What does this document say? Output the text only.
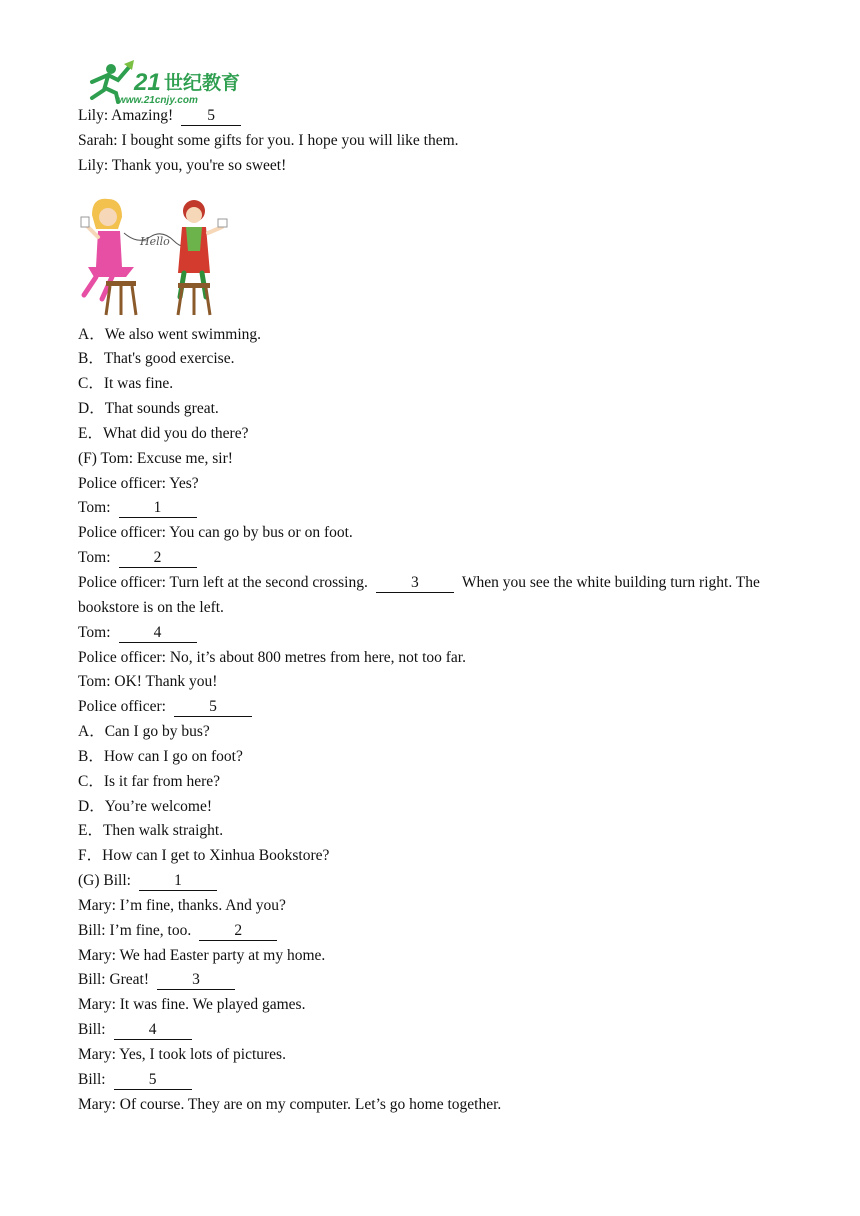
21 世纪教育
www.21cnjy.com
Lily: Amazing! 5
Sarah: I bought some gifts for you. I hope you will like them.
Lily: Thank you, you're so sweet!
Hello
A．We also went swimming.
B．That's good exercise.
C．It was fine.
D．That sounds great.
E．What did you do there?
(F) Tom: Excuse me, sir!
Police officer: Yes?
Tom:	1
Police officer: You can go by bus or on foot.
Tom:	2
Police officer: Turn left at the second crossing.	3	When you see the white building turn right. The bookstore is on the left.
Tom:	4
Police officer: No, it’s about 800 metres from here, not too far.
Tom: OK! Thank you!
Police officer:	5
A．Can I go by bus?
B．How can I go on foot?
C．Is it far from here?
D．You’re welcome!
E．Then walk straight.
F．How can I get to Xinhua Bookstore?
(G) Bill:	1
Mary: I’m fine, thanks. And you?
Bill: I’m fine, too.	2
Mary: We had Easter party at my home.
Bill: Great!	3
Mary: It was fine. We played games.
Bill:	4
Mary: Yes, I took lots of pictures.
Bill:	5
Mary: Of course. They are on my computer. Let’s go home together.
